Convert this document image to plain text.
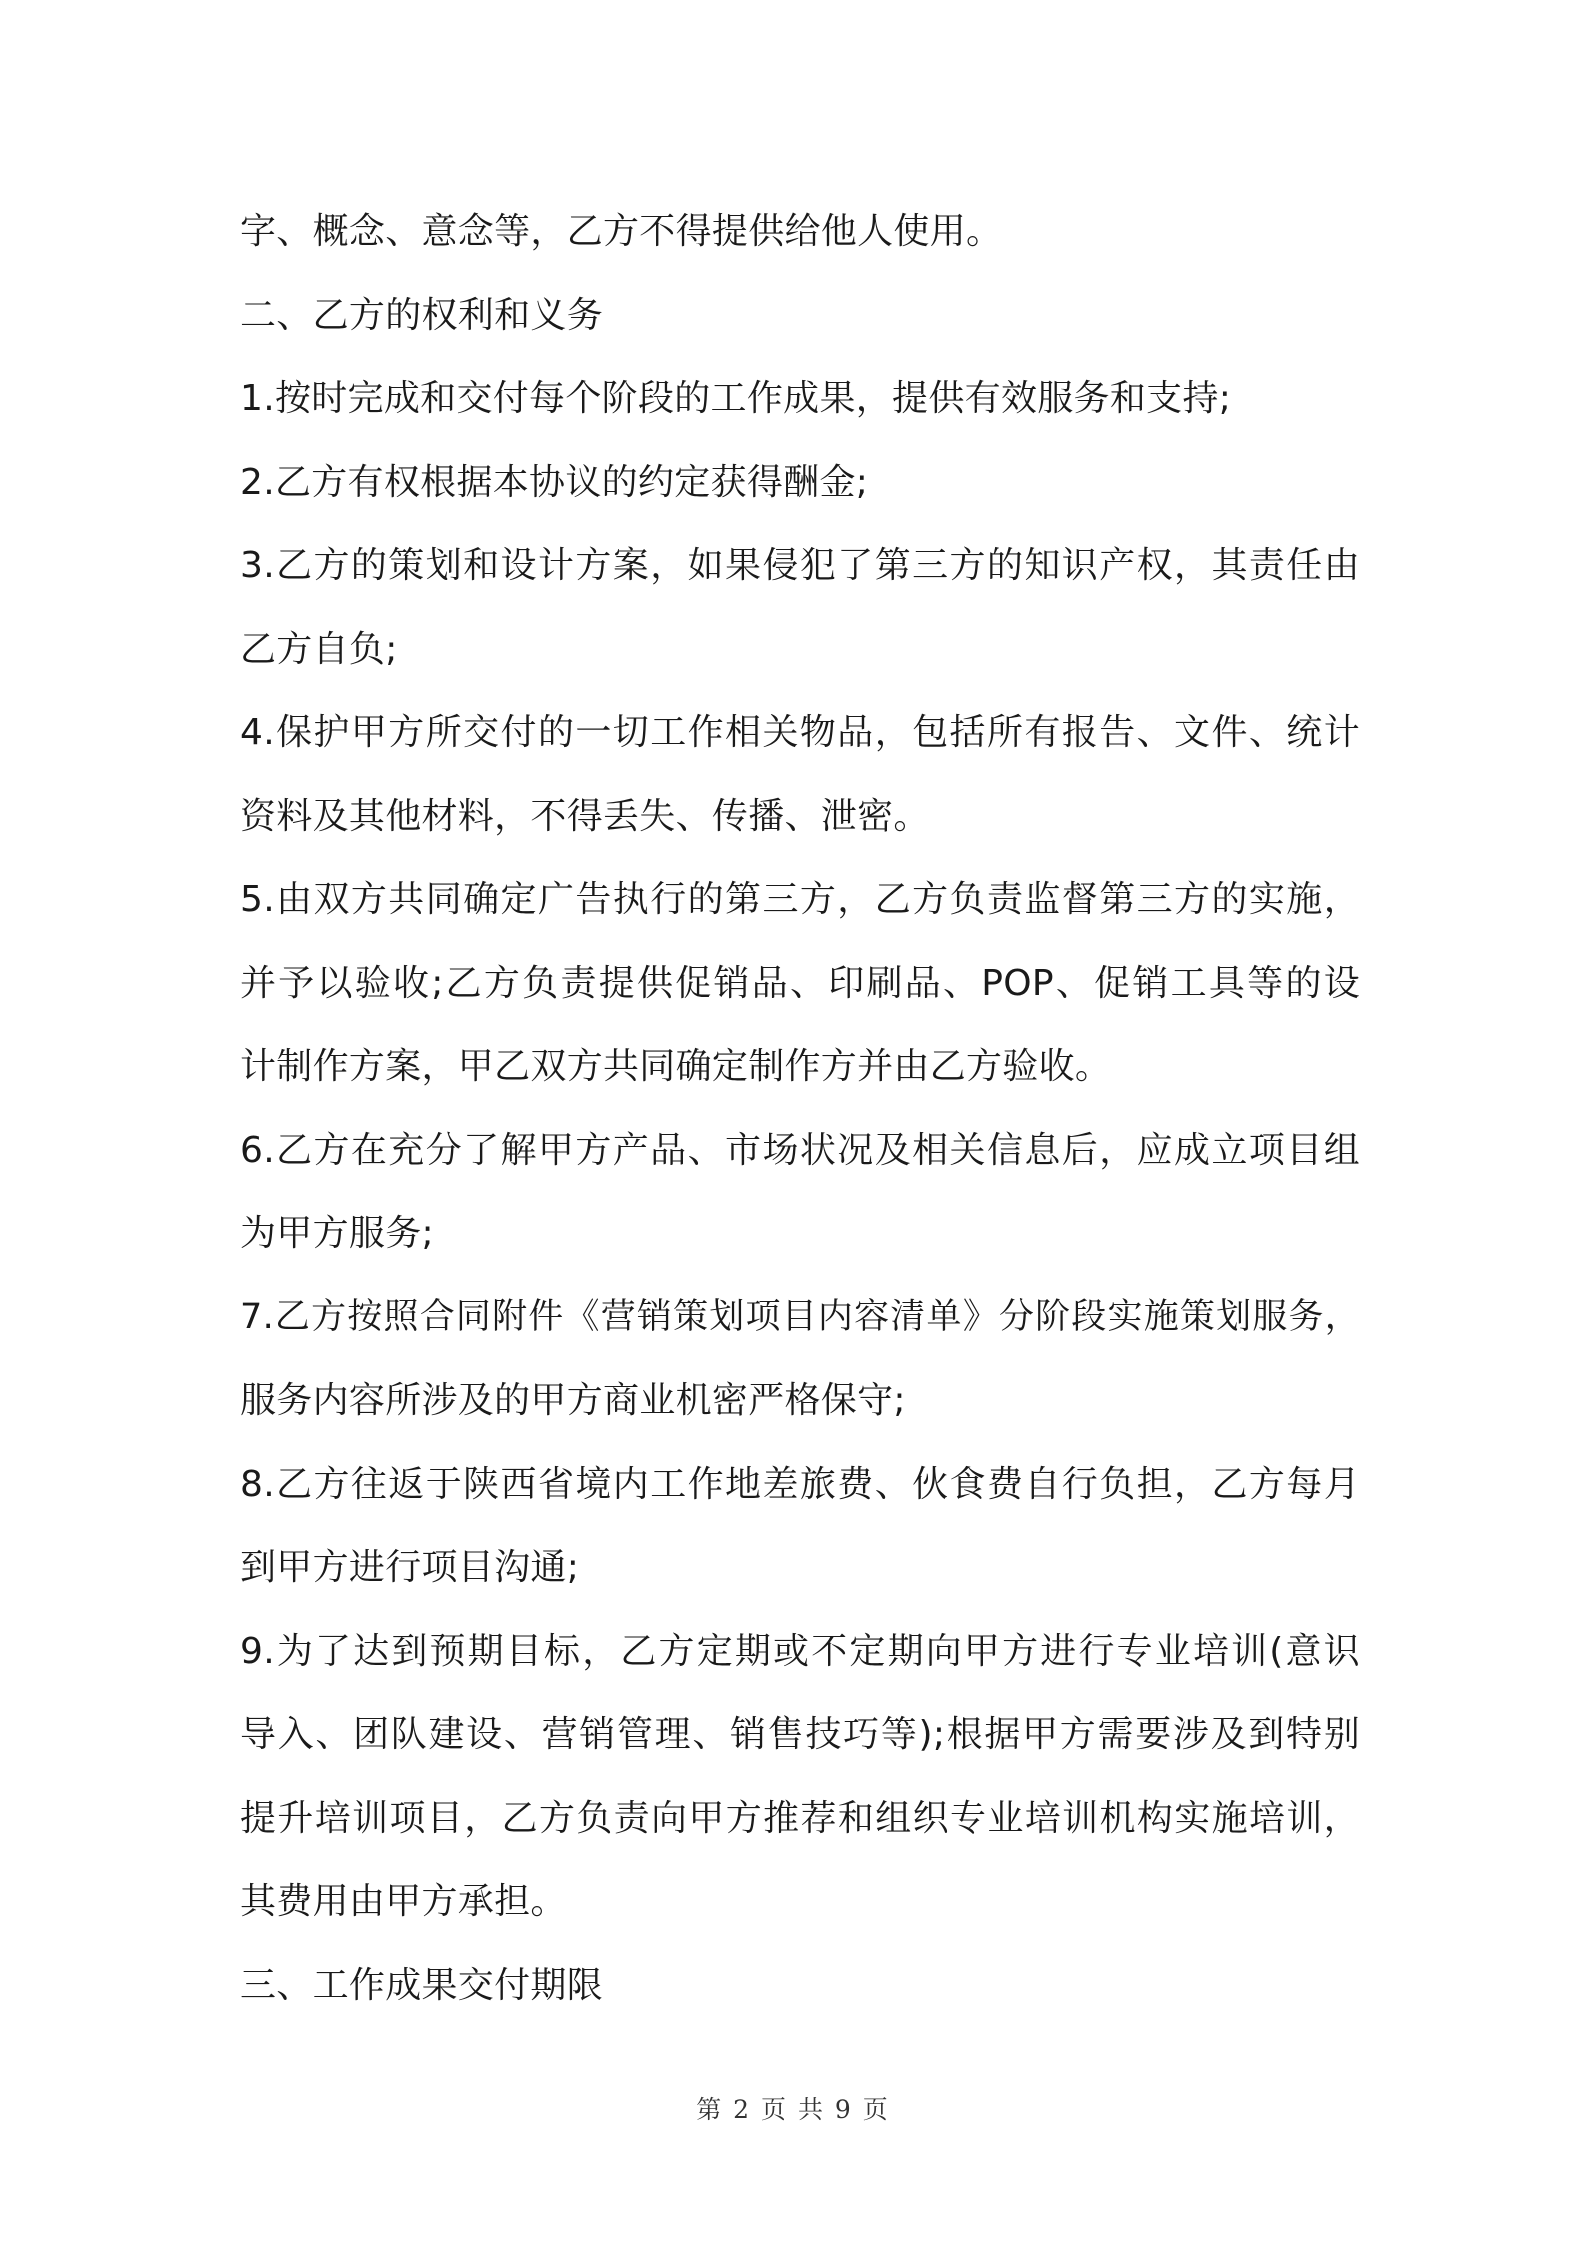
字、概念、意念等，乙方不得提供给他人使用。
二、乙方的权利和义务
1.按时完成和交付每个阶段的工作成果，提供有效服务和支持;
2.乙方有权根据本协议的约定获得酬金;
3.乙方的策划和设计方案，如果侵犯了第三方的知识产权，其责任由
乙方自负;
4.保护甲方所交付的一切工作相关物品，包括所有报告、文件、统计
资料及其他材料，不得丢失、传播、泄密。
5.由双方共同确定广告执行的第三方，乙方负责监督第三方的实施，
并予以验收;乙方负责提供促销品、印刷品、POP、促销工具等的设
计制作方案，甲乙双方共同确定制作方并由乙方验收。
6.乙方在充分了解甲方产品、市场状况及相关信息后，应成立项目组
为甲方服务;
7.乙方按照合同附件《营销策划项目内容清单》分阶段实施策划服务，
服务内容所涉及的甲方商业机密严格保守;
8.乙方往返于陕西省境内工作地差旅费、伙食费自行负担，乙方每月
到甲方进行项目沟通;
9.为了达到预期目标，乙方定期或不定期向甲方进行专业培训(意识
导入、团队建设、营销管理、销售技巧等);根据甲方需要涉及到特别
提升培训项目，乙方负责向甲方推荐和组织专业培训机构实施培训，
其费用由甲方承担。
三、工作成果交付期限
第 2 页 共 9 页
